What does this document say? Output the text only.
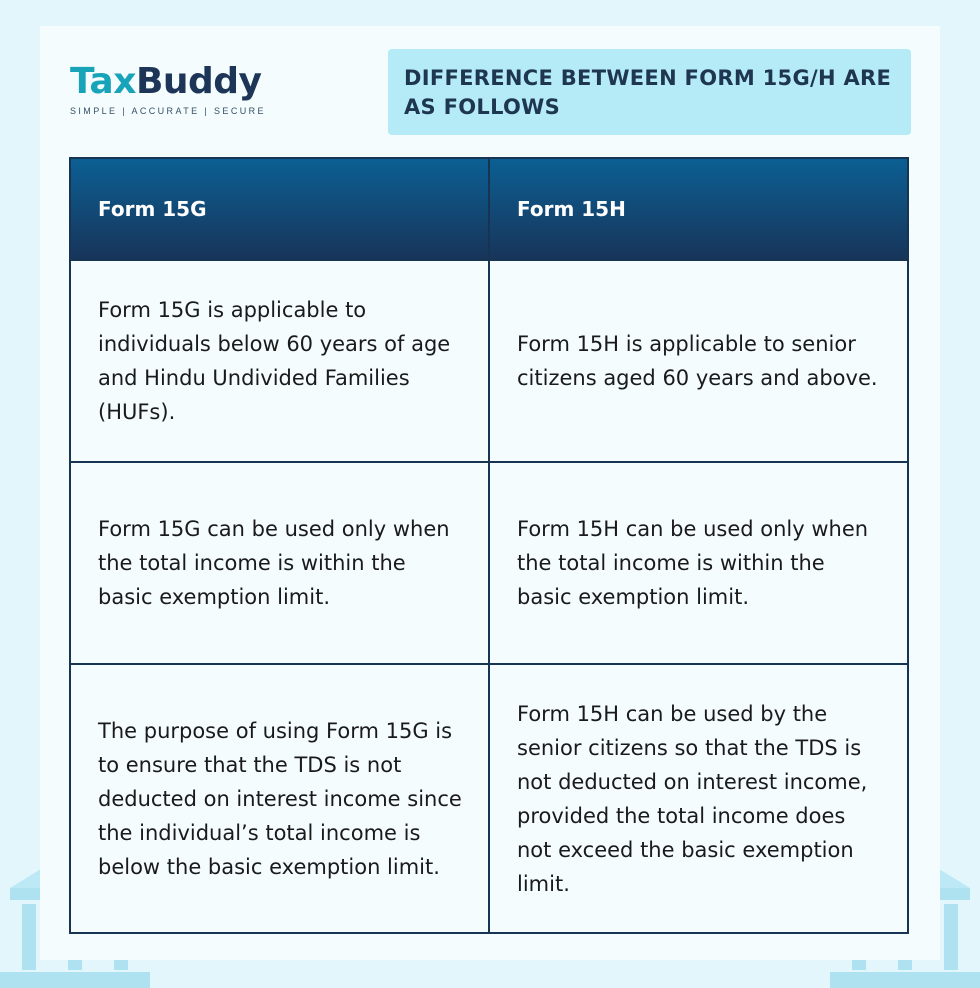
TaxBuddy
SIMPLE | ACCURATE | SECURE
DIFFERENCE BETWEEN FORM 15G/H ARE AS FOLLOWS
Form 15G	Form 15H
Form 15G is applicable to individuals below 60 years of age and Hindu Undivided Families (HUFs).	Form 15H is applicable to senior citizens aged 60 years and above.
Form 15G can be used only when the total income is within the basic exemption limit.	Form 15H can be used only when the total income is within the basic exemption limit.
The purpose of using Form 15G is to ensure that the TDS is not deducted on interest income since the individual’s total income is below the basic exemption limit.	Form 15H can be used by the senior citizens so that the TDS is not deducted on interest income, provided the total income does not exceed the basic exemption limit.
